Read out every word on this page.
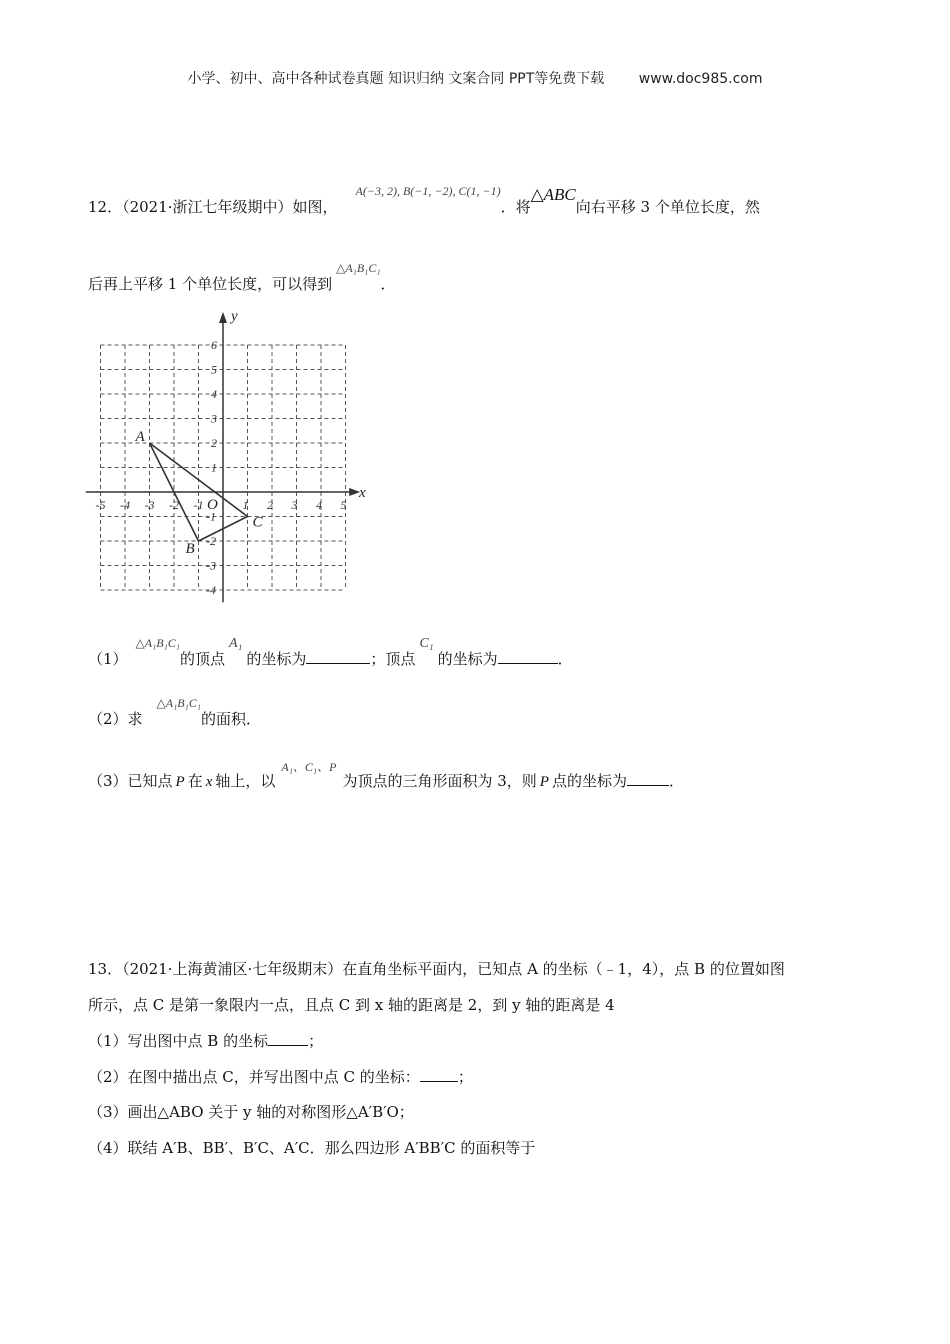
小学、初中、高中各种试卷真题 知识归纳 文案合同 PPT等免费下载 www.doc985.com
12．（2021·浙江七年级期中）如图，$^{A(-3, 2), B(-1, -2), C(1, -1)}$．将△ABC向右平移 3 个单位长度，然
后再上平移 1 个单位长度，可以得到$^{\triangle A_1B_1C_1}$．
-5 -4 -3 -2 -1	1 2 3 4 5
6
5
4
3
2
1
-1
-2
-3
-4
A
B
C
x
y
O
$(1)^{\triangle A_1B_1C_1}$的顶点A₁的坐标为	；顶点C₁的坐标为	．
（2）求$^{\triangle A_1B_1C_1}$的面积．
（3）已知点 P 在 x 轴上，以$^{A_1、C_1、P}$为顶点的三角形面积为 3，则 P 点的坐标为	．
13．（2021·上海黄浦区·七年级期末）在直角坐标平面内，已知点 A 的坐标（﹣1，4），点 B 的位置如图
所示，点 C 是第一象限内一点，且点 C 到 x 轴的距离是 2，到 y 轴的距离是 4
（1）写出图中点 B 的坐标	；
（2）在图中描出点 C，并写出图中点 C 的坐标：	；
（3）画出△ABO 关于 y 轴的对称图形△A′B′O；
（4）联结 A′B、BB′、B′C、A′C．那么四边形 A′BB′C 的面积等于
